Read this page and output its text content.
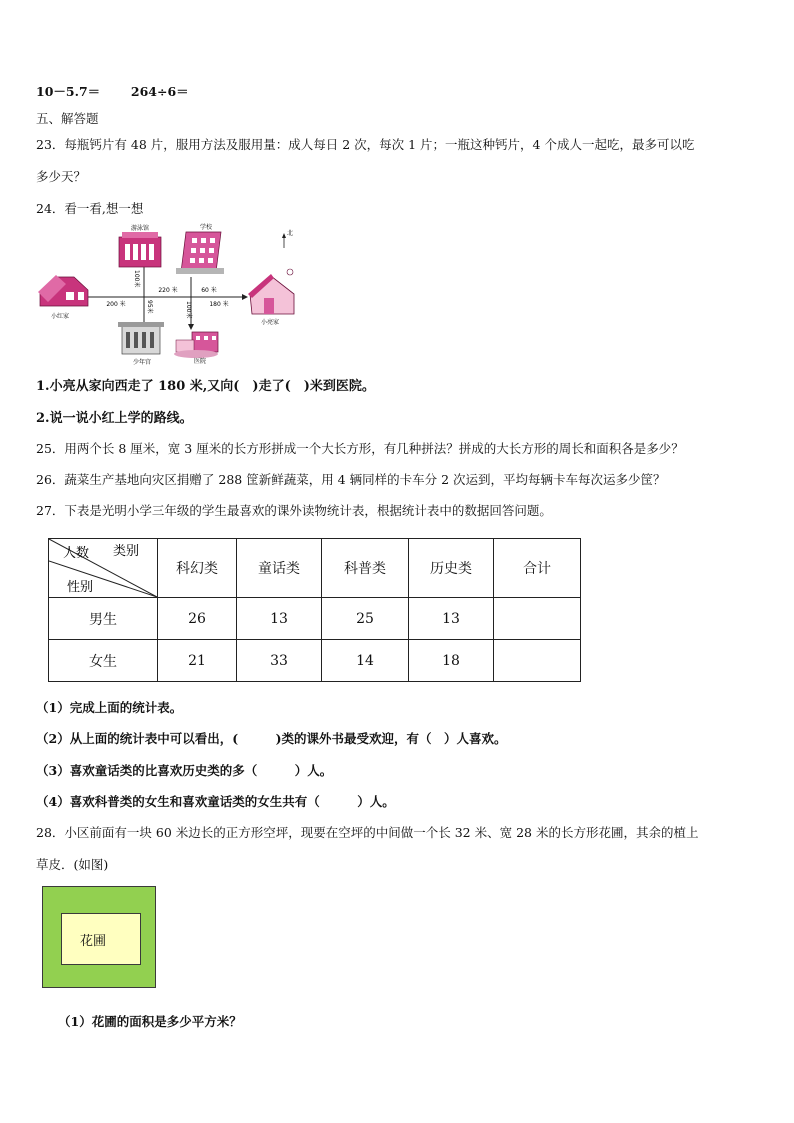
10－5.7＝ 264÷6＝
五、解答题
23．每瓶钙片有 48 片，服用方法及服用量：成人每日 2 次，每次 1 片；一瓶这种钙片，4 个成人一起吃，最多可以吃
多少天？
24．看一看,想一想
游泳馆	学校
北
小红家
小亮家
少年宫	医院
200 米
220 米	60 米
180 米
100米
95米	100米
1.小亮从家向西走了 180 米,又向(　)走了(　)米到医院。
2.说一说小红上学的路线。
25．用两个长 8 厘米，宽 3 厘米的长方形拼成一个大长方形，有几种拼法？拼成的大长方形的周长和面积各是多少？
26．蔬菜生产基地向灾区捐赠了 288 筐新鲜蔬菜，用 4 辆同样的卡车分 2 次运到，平均每辆卡车每次运多少筐？
27．下表是光明小学三年级的学生最喜欢的课外读物统计表，根据统计表中的数据回答问题。
人数 类别
性别	科幻类	童话类	科普类	历史类	合计
男生	26	13	25	13	
女生	21	33	14	18	
（1）完成上面的统计表。
（2）从上面的统计表中可以看出，(　　　)类的课外书最受欢迎，有（　）人喜欢。
（3）喜欢童话类的比喜欢历史类的多（　　　）人。
（4）喜欢科普类的女生和喜欢童话类的女生共有（　　　）人。
28．小区前面有一块 60 米边长的正方形空坪，现要在空坪的中间做一个长 32 米、宽 28 米的长方形花圃，其余的植上
草皮．(如图)
花圃
（1）花圃的面积是多少平方米？
